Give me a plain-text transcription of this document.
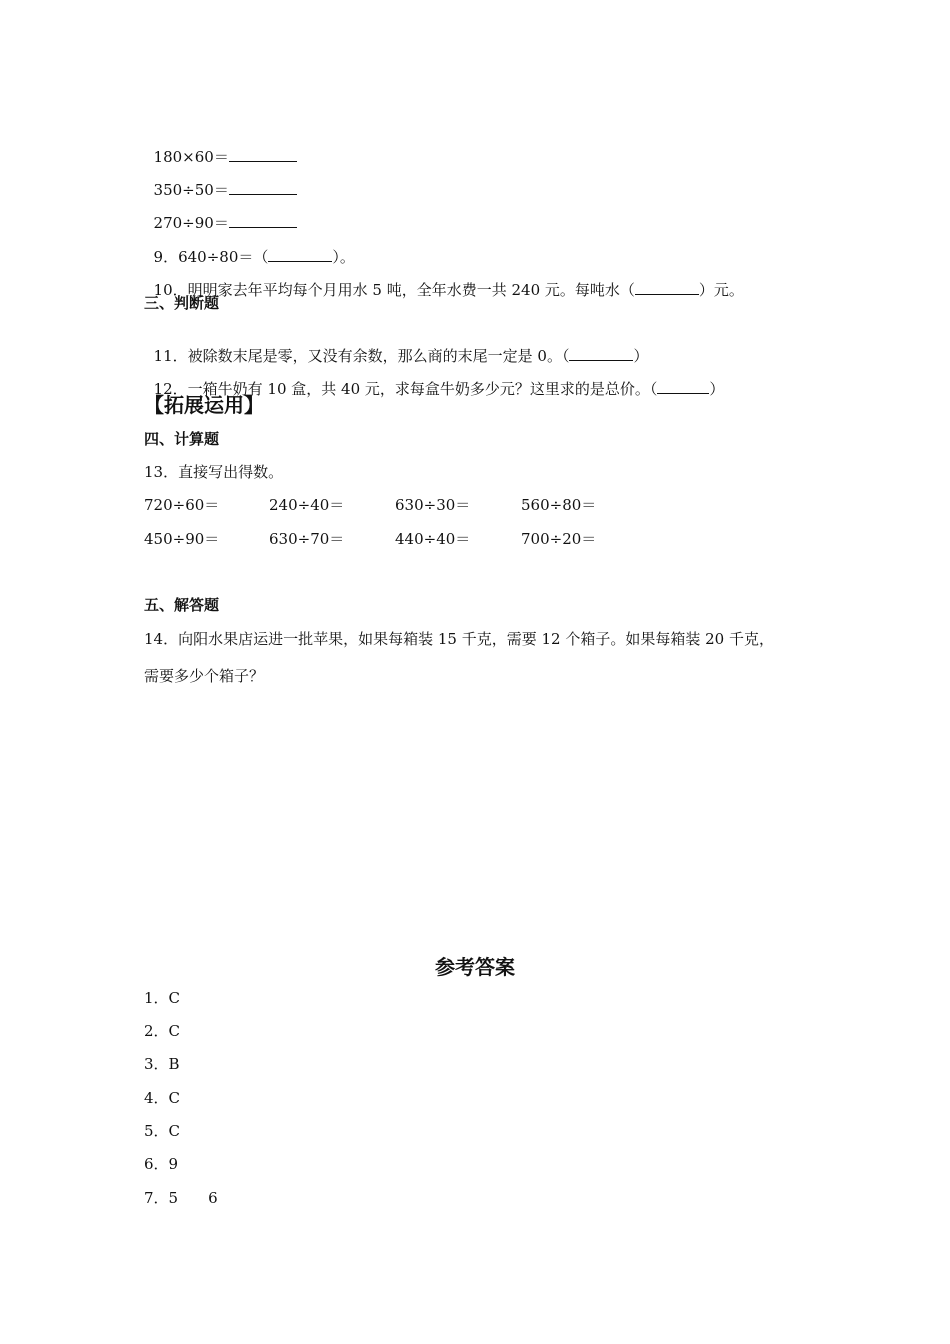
180×60＝

350÷50＝

270÷90＝

9．640÷80＝（	）。

10．明明家去年平均每个月用水 5 吨，全年水费一共 240 元。每吨水（	）元。

三、判断题

11．被除数末尾是零，又没有余数，那么商的末尾一定是 0。（	）

12．一箱牛奶有 10 盒，共 40 元，求每盒牛奶多少元？这里求的是总价。（	）

【拓展运用】
四、计算题
13．直接写出得数。
720÷60＝	240÷40＝	630÷30＝	560÷80＝
450÷90＝	630÷70＝	440÷40＝	700÷20＝
五、解答题
14．向阳水果店运进一批苹果，如果每箱装 15 千克，需要 12 个箱子。如果每箱装 20 千克，
需要多少个箱子？
参考答案
1．C
2．C
3．B
4．C
5．C
6．9
7．5　　6
